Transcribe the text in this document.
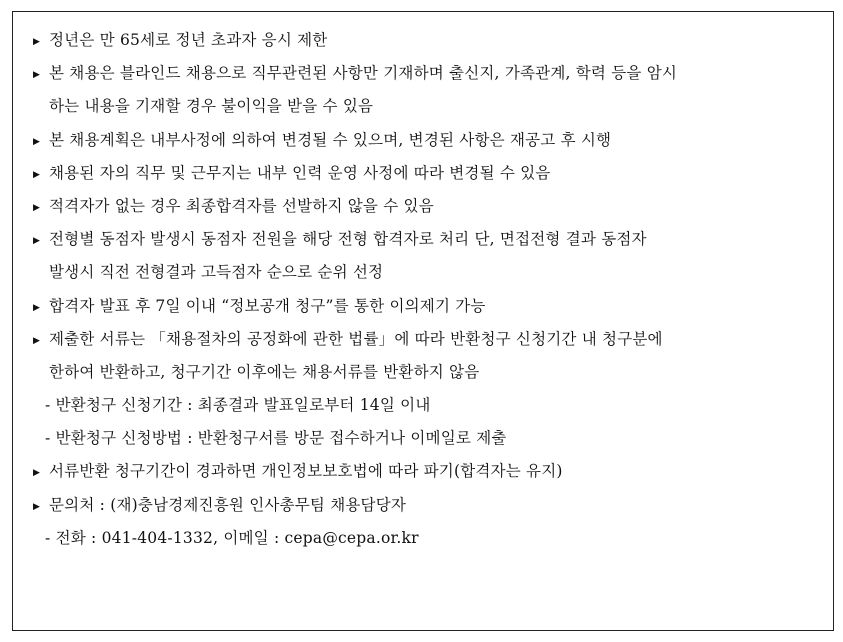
▶ 정년은 만 65세로 정년 초과자 응시 제한
▶ 본 채용은 블라인드 채용으로 직무관련된 사항만 기재하며 출신지, 가족관계, 학력 등을 암시
하는 내용을 기재할 경우 불이익을 받을 수 있음
▶ 본 채용계획은 내부사정에 의하여 변경될 수 있으며, 변경된 사항은 재공고 후 시행
▶ 채용된 자의 직무 및 근무지는 내부 인력 운영 사정에 따라 변경될 수 있음
▶ 적격자가 없는 경우 최종합격자를 선발하지 않을 수 있음
▶ 전형별 동점자 발생시 동점자 전원을 해당 전형 합격자로 처리 단, 면접전형 결과 동점자
발생시 직전 전형결과 고득점자 순으로 순위 선정
▶ 합격자 발표 후 7일 이내 “정보공개 청구”를 통한 이의제기 가능
▶ 제출한 서류는 「채용절차의 공정화에 관한 법률」에 따라 반환청구 신청기간 내 청구분에
한하여 반환하고, 청구기간 이후에는 채용서류를 반환하지 않음
- 반환청구 신청기간 : 최종결과 발표일로부터 14일 이내
- 반환청구 신청방법 : 반환청구서를 방문 접수하거나 이메일로 제출
▶ 서류반환 청구기간이 경과하면 개인정보보호법에 따라 파기(합격자는 유지)
▶ 문의처 : (재)충남경제진흥원 인사총무팀 채용담당자
- 전화 : 041-404-1332, 이메일 : cepa@cepa.or.kr
